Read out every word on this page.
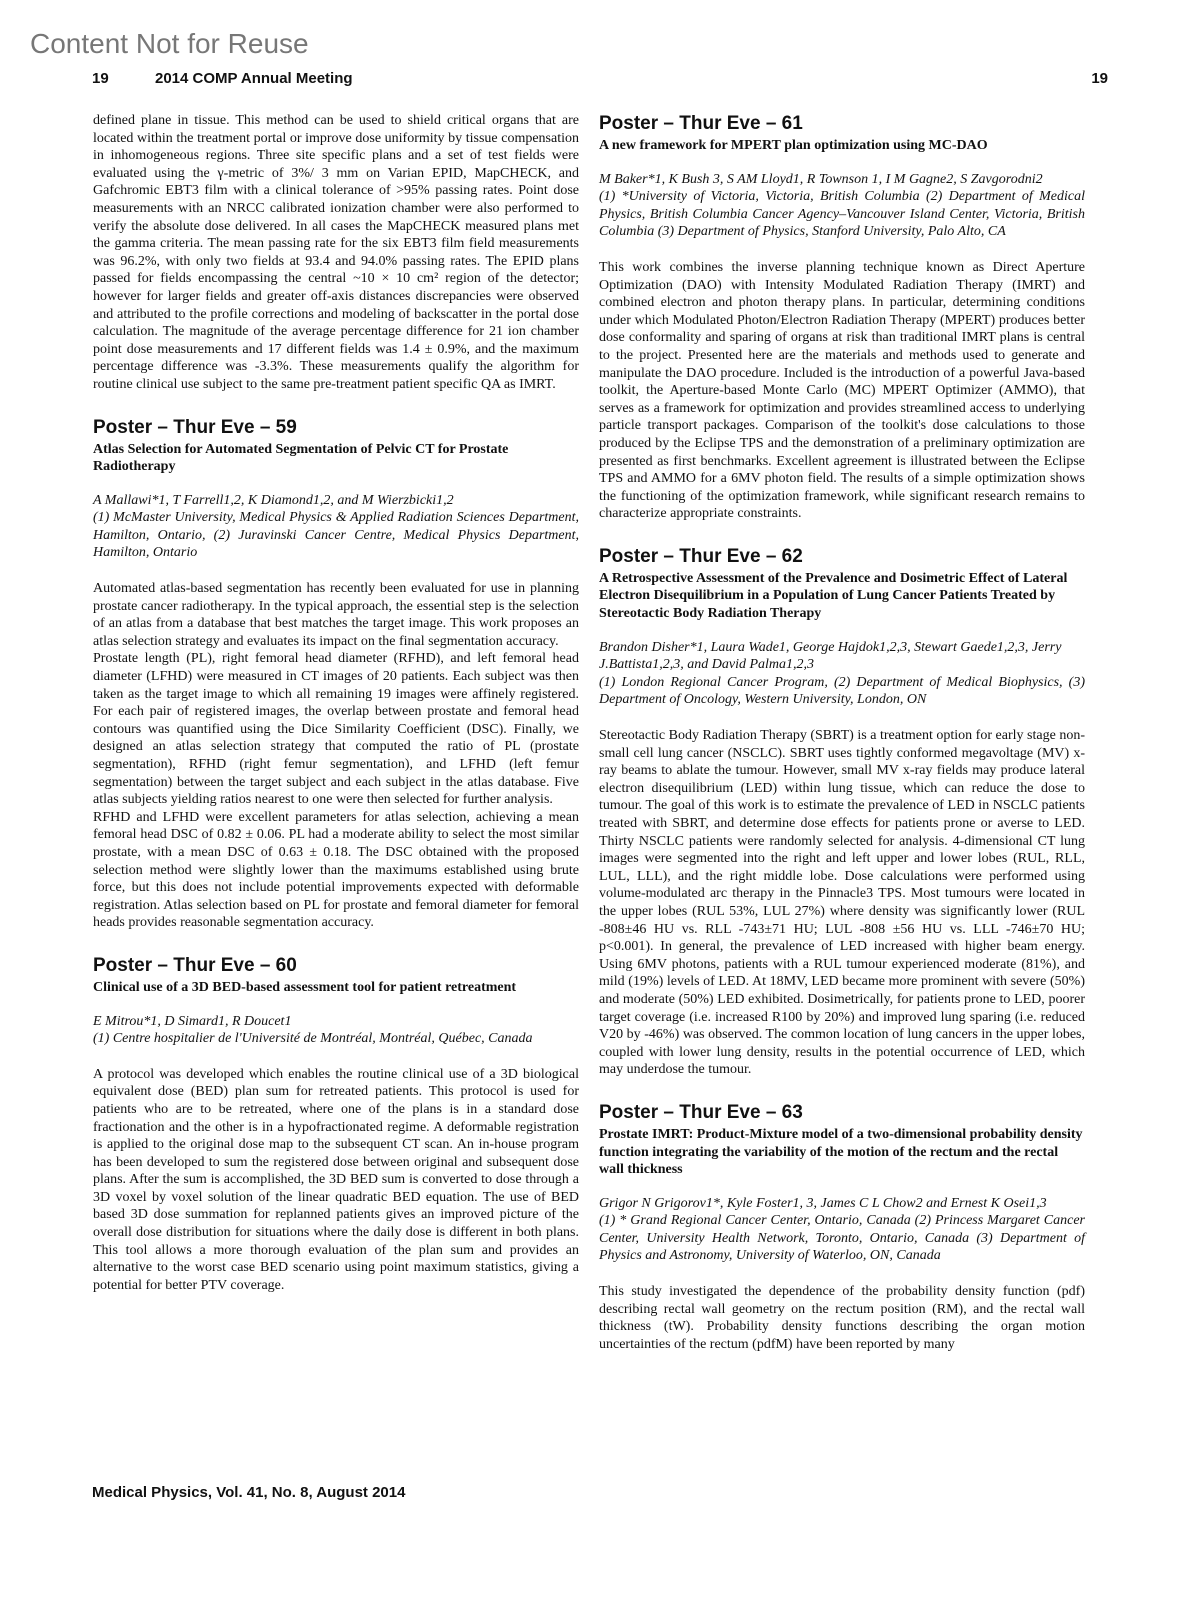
Content Not for Reuse
19	2014 COMP Annual Meeting	19
defined plane in tissue. This method can be used to shield critical organs that are located within the treatment portal or improve dose uniformity by tissue compensation in inhomogeneous regions. Three site specific plans and a set of test fields were evaluated using the γ-metric of 3%/ 3 mm on Varian EPID, MapCHECK, and Gafchromic EBT3 film with a clinical tolerance of >95% passing rates. Point dose measurements with an NRCC calibrated ionization chamber were also performed to verify the absolute dose delivered. In all cases the MapCHECK measured plans met the gamma criteria. The mean passing rate for the six EBT3 film field measurements was 96.2%, with only two fields at 93.4 and 94.0% passing rates. The EPID plans passed for fields encompassing the central ~10 × 10 cm² region of the detector; however for larger fields and greater off-axis distances discrepancies were observed and attributed to the profile corrections and modeling of backscatter in the portal dose calculation. The magnitude of the average percentage difference for 21 ion chamber point dose measurements and 17 different fields was 1.4 ± 0.9%, and the maximum percentage difference was -3.3%. These measurements qualify the algorithm for routine clinical use subject to the same pre-treatment patient specific QA as IMRT.
Poster – Thur Eve – 59
Atlas Selection for Automated Segmentation of Pelvic CT for Prostate Radiotherapy
A Mallawi*1, T Farrell1,2, K Diamond1,2, and M Wierzbicki1,2
(1) McMaster University, Medical Physics & Applied Radiation Sciences Department, Hamilton, Ontario, (2) Juravinski Cancer Centre, Medical Physics Department, Hamilton, Ontario

Automated atlas-based segmentation has recently been evaluated for use in planning prostate cancer radiotherapy. In the typical approach, the essential step is the selection of an atlas from a database that best matches the target image. This work proposes an atlas selection strategy and evaluates its impact on the final segmentation accuracy.

Prostate length (PL), right femoral head diameter (RFHD), and left femoral head diameter (LFHD) were measured in CT images of 20 patients. Each subject was then taken as the target image to which all remaining 19 images were affinely registered. For each pair of registered images, the overlap between prostate and femoral head contours was quantified using the Dice Similarity Coefficient (DSC). Finally, we designed an atlas selection strategy that computed the ratio of PL (prostate segmentation), RFHD (right femur segmentation), and LFHD (left femur segmentation) between the target subject and each subject in the atlas database. Five atlas subjects yielding ratios nearest to one were then selected for further analysis.

RFHD and LFHD were excellent parameters for atlas selection, achieving a mean femoral head DSC of 0.82 ± 0.06. PL had a moderate ability to select the most similar prostate, with a mean DSC of 0.63 ± 0.18. The DSC obtained with the proposed selection method were slightly lower than the maximums established using brute force, but this does not include potential improvements expected with deformable registration. Atlas selection based on PL for prostate and femoral diameter for femoral heads provides reasonable segmentation accuracy.

Poster – Thur Eve – 60
Clinical use of a 3D BED-based assessment tool for patient retreatment
E Mitrou*1, D Simard1, R Doucet1
(1) Centre hospitalier de l'Université de Montréal, Montréal, Québec, Canada
A protocol was developed which enables the routine clinical use of a 3D biological equivalent dose (BED) plan sum for retreated patients. This protocol is used for patients who are to be retreated, where one of the plans is in a standard dose fractionation and the other is in a hypofractionated regime. A deformable registration is applied to the original dose map to the subsequent CT scan. An in-house program has been developed to sum the registered dose between original and subsequent dose plans. After the sum is accomplished, the 3D BED sum is converted to dose through a 3D voxel by voxel solution of the linear quadratic BED equation. The use of BED based 3D dose summation for replanned patients gives an improved picture of the overall dose distribution for situations where the daily dose is different in both plans. This tool allows a more thorough evaluation of the plan sum and provides an alternative to the worst case BED scenario using point maximum statistics, giving a potential for better PTV coverage.
Poster – Thur Eve – 61
A new framework for MPERT plan optimization using MC-DAO
M Baker*1, K Bush 3, S AM Lloyd1, R Townson 1, I M Gagne2, S Zavgorodni2
(1) *University of Victoria, Victoria, British Columbia (2) Department of Medical Physics, British Columbia Cancer Agency–Vancouver Island Center, Victoria, British Columbia (3) Department of Physics, Stanford University, Palo Alto, CA
This work combines the inverse planning technique known as Direct Aperture Optimization (DAO) with Intensity Modulated Radiation Therapy (IMRT) and combined electron and photon therapy plans. In particular, determining conditions under which Modulated Photon/Electron Radiation Therapy (MPERT) produces better dose conformality and sparing of organs at risk than traditional IMRT plans is central to the project. Presented here are the materials and methods used to generate and manipulate the DAO procedure. Included is the introduction of a powerful Java-based toolkit, the Aperture-based Monte Carlo (MC) MPERT Optimizer (AMMO), that serves as a framework for optimization and provides streamlined access to underlying particle transport packages. Comparison of the toolkit's dose calculations to those produced by the Eclipse TPS and the demonstration of a preliminary optimization are presented as first benchmarks. Excellent agreement is illustrated between the Eclipse TPS and AMMO for a 6MV photon field. The results of a simple optimization shows the functioning of the optimization framework, while significant research remains to characterize appropriate constraints.
Poster – Thur Eve – 62
A Retrospective Assessment of the Prevalence and Dosimetric Effect of Lateral Electron Disequilibrium in a Population of Lung Cancer Patients Treated by Stereotactic Body Radiation Therapy
Brandon Disher*1, Laura Wade1, George Hajdok1,2,3, Stewart Gaede1,2,3, Jerry J.Battista1,2,3, and David Palma1,2,3
(1) London Regional Cancer Program, (2) Department of Medical Biophysics, (3) Department of Oncology, Western University, London, ON
Stereotactic Body Radiation Therapy (SBRT) is a treatment option for early stage non-small cell lung cancer (NSCLC). SBRT uses tightly conformed megavoltage (MV) x-ray beams to ablate the tumour. However, small MV x-ray fields may produce lateral electron disequilibrium (LED) within lung tissue, which can reduce the dose to tumour. The goal of this work is to estimate the prevalence of LED in NSCLC patients treated with SBRT, and determine dose effects for patients prone or averse to LED. Thirty NSCLC patients were randomly selected for analysis. 4-dimensional CT lung images were segmented into the right and left upper and lower lobes (RUL, RLL, LUL, LLL), and the right middle lobe. Dose calculations were performed using volume-modulated arc therapy in the Pinnacle3 TPS. Most tumours were located in the upper lobes (RUL 53%, LUL 27%) where density was significantly lower (RUL -808±46 HU vs. RLL -743±71 HU; LUL -808 ±56 HU vs. LLL -746±70 HU; p<0.001). In general, the prevalence of LED increased with higher beam energy. Using 6MV photons, patients with a RUL tumour experienced moderate (81%), and mild (19%) levels of LED. At 18MV, LED became more prominent with severe (50%) and moderate (50%) LED exhibited. Dosimetrically, for patients prone to LED, poorer target coverage (i.e. increased R100 by 20%) and improved lung sparing (i.e. reduced V20 by -46%) was observed. The common location of lung cancers in the upper lobes, coupled with lower lung density, results in the potential occurrence of LED, which may underdose the tumour.
Poster – Thur Eve – 63
Prostate IMRT: Product-Mixture model of a two-dimensional probability density function integrating the variability of the motion of the rectum and the rectal wall thickness
Grigor N Grigorov1*, Kyle Foster1, 3, James C L Chow2 and Ernest K Osei1,3
(1) * Grand Regional Cancer Center, Ontario, Canada (2) Princess Margaret Cancer Center, University Health Network, Toronto, Ontario, Canada (3) Department of Physics and Astronomy, University of Waterloo, ON, Canada
This study investigated the dependence of the probability density function (pdf) describing rectal wall geometry on the rectum position (RM), and the rectal wall thickness (tW). Probability density functions describing the organ motion uncertainties of the rectum (pdfM) have been reported by many
Medical Physics, Vol. 41, No. 8, August 2014
